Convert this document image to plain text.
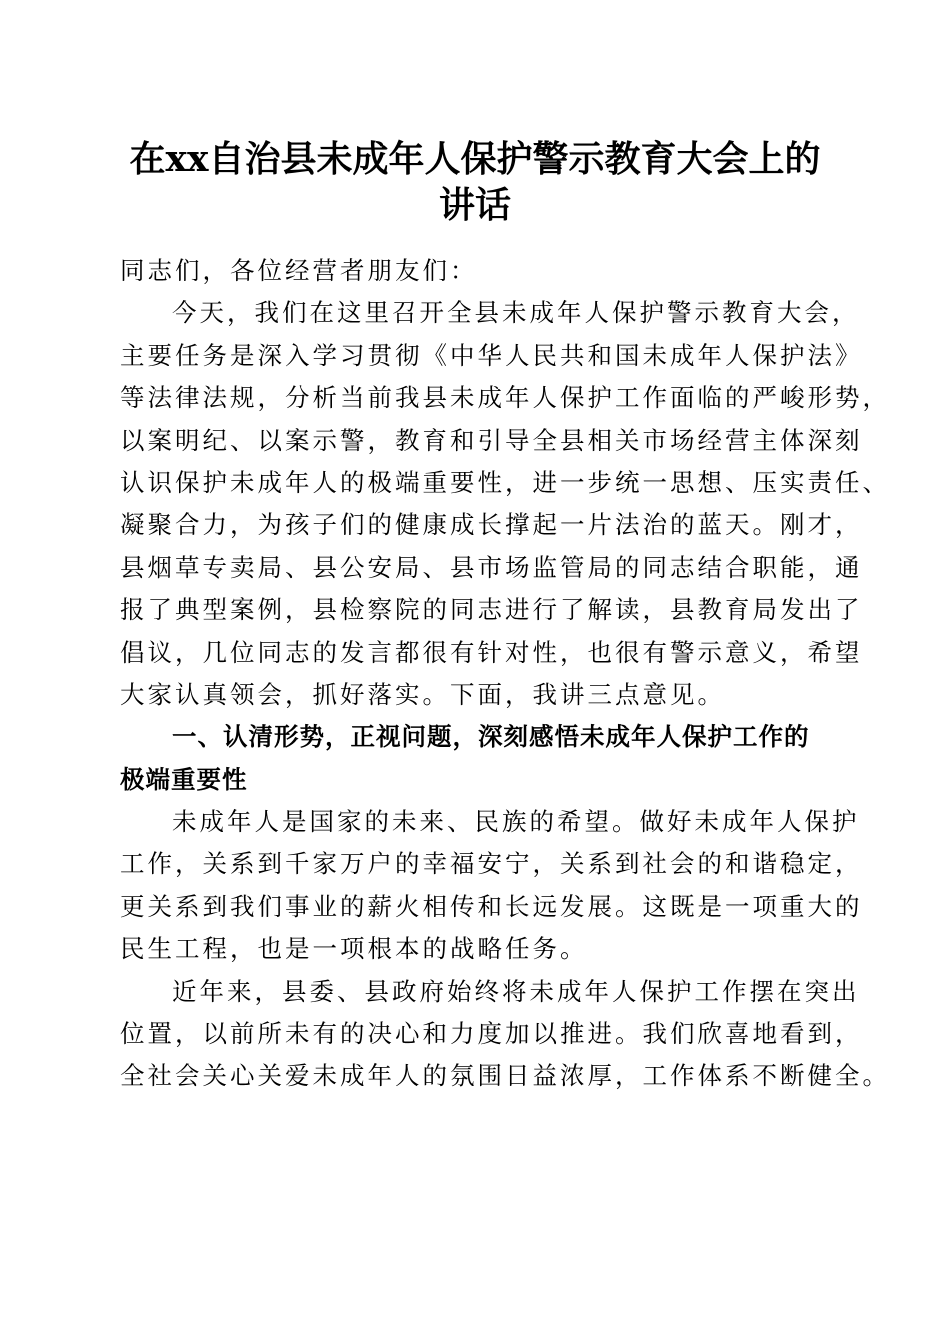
在xx自治县未成年人保护警示教育大会上的
讲话
同志们，各位经营者朋友们：
今天，我们在这里召开全县未成年人保护警示教育大会，
主要任务是深入学习贯彻《中华人民共和国未成年人保护法》
等法律法规，分析当前我县未成年人保护工作面临的严峻形势，
以案明纪、以案示警，教育和引导全县相关市场经营主体深刻
认识保护未成年人的极端重要性，进一步统一思想、压实责任、
凝聚合力，为孩子们的健康成长撑起一片法治的蓝天。刚才，
县烟草专卖局、县公安局、县市场监管局的同志结合职能，通
报了典型案例，县检察院的同志进行了解读，县教育局发出了
倡议，几位同志的发言都很有针对性，也很有警示意义，希望
大家认真领会，抓好落实。下面，我讲三点意见。
一、认清形势，正视问题，深刻感悟未成年人保护工作的
极端重要性
未成年人是国家的未来、民族的希望。做好未成年人保护
工作，关系到千家万户的幸福安宁，关系到社会的和谐稳定，
更关系到我们事业的薪火相传和长远发展。这既是一项重大的
民生工程，也是一项根本的战略任务。
近年来，县委、县政府始终将未成年人保护工作摆在突出
位置，以前所未有的决心和力度加以推进。我们欣喜地看到，
全社会关心关爱未成年人的氛围日益浓厚，工作体系不断健全。
